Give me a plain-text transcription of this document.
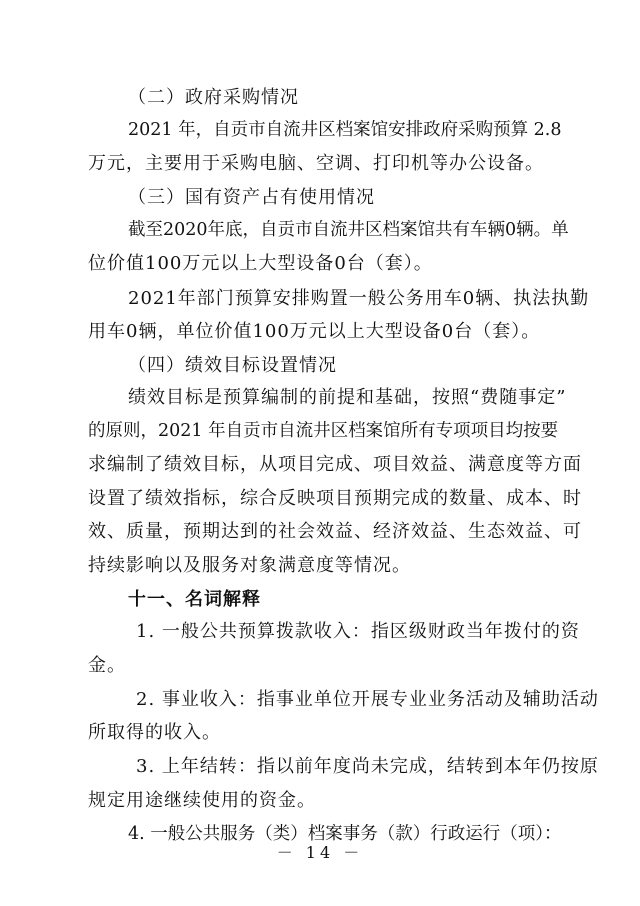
（二）政府采购情况
2021 年，自贡市自流井区档案馆安排政府采购预算 2.8
万元，主要用于采购电脑、空调、打印机等办公设备。
（三）国有资产占有使用情况
截至2020年底，自贡市自流井区档案馆共有车辆0辆。单
位价值100万元以上大型设备0台（套）。
2021年部门预算安排购置一般公务用车0辆、执法执勤
用车0辆，单位价值100万元以上大型设备0台（套）。
（四）绩效目标设置情况
绩效目标是预算编制的前提和基础，按照“费随事定”
的原则，2021 年自贡市自流井区档案馆所有专项项目均按要
求编制了绩效目标，从项目完成、项目效益、满意度等方面
设置了绩效指标，综合反映项目预期完成的数量、成本、时
效、质量，预期达到的社会效益、经济效益、生态效益、可
持续影响以及服务对象满意度等情况。
十一、名词解释
1. 一般公共预算拨款收入：指区级财政当年拨付的资
金。
2. 事业收入：指事业单位开展专业业务活动及辅助活动
所取得的收入。
3. 上年结转：指以前年度尚未完成，结转到本年仍按原
规定用途继续使用的资金。
4. 一般公共服务（类）档案事务（款）行政运行（项）：
－ 14 －
